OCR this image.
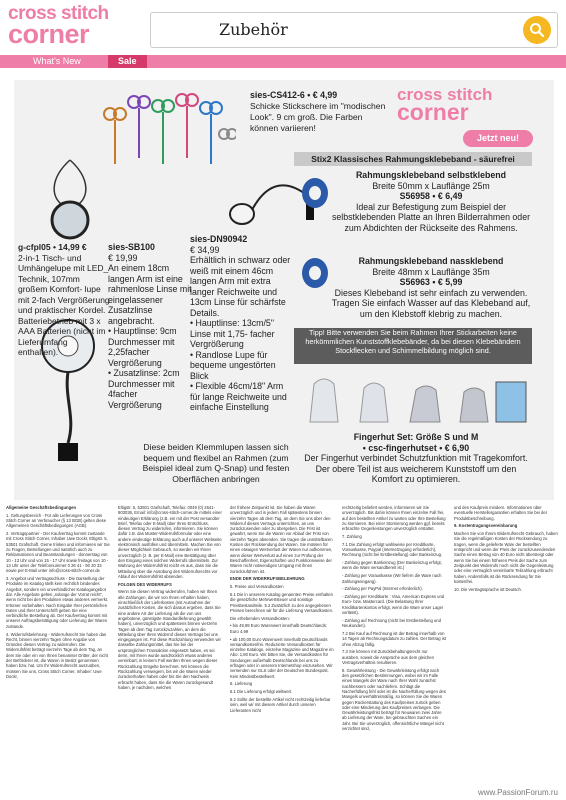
cross stitch
corner
What's New	Sale
Zubehör
sies-CS412-6 • € 4,99
Schicke Stickschere im "modischen Look". 9 cm groß. Die Farben können variieren!
cross stitch
corner
Jetzt neu!
g-cfpl05 • 14,99 €
2-in-1 Tisch- und Umhängelupe mit LED_ Technik, 107mm großem Komfort- lupe mit 2-fach Vergrößerung und praktischer Kordel. Batteriebetrieb mit 3 x AAA Batterien (nicht im Lieferumfang enthalten).
sies-SB100
€ 19,99
An einem 18cm langen Arm ist eine rahmenlose Linse mit eingelassener Zusatzlinse angebracht.
• Hauptlinse: 9cm Durchmesser mit 2,25facher Vergrößerung
• Zusatzlinse: 2cm Durchmesser mit 4facher Vergrößerung
sies-DN90942
€ 34,99
Erhältlich in schwarz oder weiß mit einem 46cm langen Arm mit extra langer Reichweite und 13cm Linse für schärfste Details.
• Hauptlinse: 13cm/5" Linse mit 1,75- facher Vergrößerung
• Randlose Lupe für bequeme ungestörten Blick
• Flexible 46cm/18" Arm für lange Reichweite und einfache Einstellung
Diese beiden Klemmlupen lassen sich bequem und flexibel an Rahmen (zum Beispiel ideal zum Q-Snap) und festen Oberflächen anbringen
Stix2 Klassisches Rahmungsklebeband - säurefrei
Rahmungsklebeband selbstklebend
Breite 50mm x Lauflänge 25m
S56958 • € 6,49
Ideal zur Befestigung zum Beispiel der selbstklebenden Platte an Ihren Bilderrahmen oder zum Abdichten der Rückseite des Rahmens.
Rahmungsklebeband nassklebend
Breite 48mm x Lauflänge 35m
S56963 • € 5,99
Dieses Klebeband ist sehr einfach zu verwenden. Tragen Sie einfach Wasser auf das Klebeband auf, um den Klebstoff klebrig zu machen.
Tipp! Bitte verwenden Sie beim Rahmen Ihrer Stickarbeiten keine herkömmlichen Kunststoffklebebänder, da bei diesen Klebebändern Stockflecken und Schimmelbildung möglich sind.
Fingerhut Set: Größe S und M
• csc-fingerhutset • € 6,90
Der Fingerhut verbindet Schutzfunktion mit Tragekomfort. Der obere Teil ist aus weicherem Kunststoff um den Komfort zu optimieren.
Allgemeine Geschäftsbedingungen
1. Geltungsbereich - Für alle Lieferungen von Cross Stitch Corner an Verbraucher (§ 13 BGB) gelten diese Allgemeinen Geschäftsbedingungen (AGB).
2. Vertragspartner - Der Kaufvertrag kommt zustande mit Cross Stitch Corner, Inhaber Uwe Dockr, Eltigstr. 5, 53501 Grafschaft. Gerne trinken und informieren wir Sie zu Fragen, Bestellungen und natürlich auch zu Reklamationen und Beanstandungen - donnerstag von 10 - 13 Uhr und von 15 - 17 Uhr sowie freitags von 10 - 13 Uhr unter der Telefonnummer 0 26 41 - 90 30 33 sowie per E-Mail unter info@cross-stitch-corner.de
3. Angebot und Vertragsschluss - Die Darstellung der Produkte im Katalog stellt kein rechtlich bindendes Angebot, sondern ein unverbindlicher Katalogangebot dar. Alle Angebote gelten „solange der Vorrat reicht", wenn nicht bei den Produkten etwas anderes vermerkt. Irrtümer vorbehalten. Nach Eingabe Ihrer persönlichen Daten und Ihrer Unterschrift geben Sie eine verbindliche Bestellung ab. Der Kaufvertrag kommt mit unserer Auftragsbestätigung oder Lieferung der Waren zustande.
4. Widerrufsbelehrung - Widerrufsrecht Sie haben das Recht, binnen vierzehn Tagen ohne Angabe von Gründen diesen Vertrag zu widerrufen. Die Widerrufsfrist beträgt vierzehn Tage ab dem Tag, an dem Sie oder ein von Ihnen benannter Dritter, der nicht der Beförderer ist, die Waren in Besitz genommen haben bzw. hat. Um Ihr Widerrufsrecht auszuüben, müssen Sie uns, Cross Stitch Corner, Inhaber: Uwe Dockr,
Eltigstr. 5, 53501 Grafschaft, Telefax: 0049 (0) 2641-903036, Email: info@cross-stitch-corner.de mittels einer eindeutigen Erklärung (z.B. ein mit der Post versandter Brief, Telefax oder E-Mail) über Ihren Entschluss, diesen Vertrag zu widerrufen, informieren. Sie können dafür z.B. das Muster-Widerrufsformular oder eine andere eindeutige Erklärung auch auf unserer Webseite elektronisch ausfüllen und übermitteln. Machen Sie von dieser Möglichkeit Gebrauch, so werden wir Ihnen unverzüglich (z. B. per E-Mail) eine Bestätigung über den Eingang eines solchen Widerrufs übermitteln. Zur Wahrung der Widerrufsfrist reicht es aus, dass Sie die Mitteilung über die Ausübung des Widerrufsrechts vor Ablauf der Widerrufsfrist absenden.
FOLGEN DES WIDERRUFS
Wenn Sie diesen Vertrag widerrufen, haben wir Ihnen alle Zahlungen, die wir von Ihnen erhalten haben, einschließlich der Lieferkosten (mit Ausnahme der zusätzlichen Kosten, die sich daraus ergeben, dass Sie eine andere Art der Lieferung als die von uns angebotene, günstigste Standardlieferung gewählt haben), unverzüglich und spätestens binnen vierzehn Tagen ab dem Tag zurückzuzahlen, an dem die Mitteilung über Ihren Widerruf dieses Vertrags bei uns eingegangen ist. Für diese Rückzahlung verwenden wir dasselbe Zahlungsmittel, das Sie bei der ursprünglichen Transaktion eingesetzt haben, es sei denn, mit Ihnen wurde ausdrücklich etwas anderes vereinbart; in keinem Fall werden Ihnen wegen dieser Rückzahlung Entgelte berechnet. Wir können die Rückzahlung verweigern, bis wir die Waren wieder zurückerhalten haben oder bis Sie den Nachweis erbracht haben, dass Sie die Waren zurückgesandt haben, je nachdem, welches
der frühere Zeitpunkt ist. Sie haben die Waren unverzüglich und in jedem Fall spätestens binnen vierzehn Tagen ab dem Tag, an dem Sie uns über den Widerruf dieses Vertrags unterrichten, an uns zurückzusenden oder zu übergeben. Die Frist ist gewahrt, wenn Sie die Waren vor Ablauf der Frist von vierzehn Tagen absenden. Sie tragen die unmittelbaren Kosten der Rücksendung der Waren. Sie müssen für einen etwaigen Wertverlust der Waren nur aufkommen, wenn dieser Wertverlust auf einen zur Prüfung der Beschaffenheit, Eigenschaften und Funktionsweise der Waren nicht notwendigen Umgang mit ihnen zurückzuführen ist.
ENDE DER WIDERRUFSBELEHRUNG
5. Preise und Versandkosten
5.1 Die in unserem Katalog genannten Preise enthalten die gesetzliche Mehrwertsteuer und sonstige Preisbestandteile. 5.2 Zusätzlich zu den angegebenen Preisen berechnen wir für die Lieferung Versandkosten.
Die erhebenden Versandkosten:
• bis 49,99 Euro Warenwert innerhalb Deutschlands: Euro 4,99
• ab 100,00 Euro Warenwert innerhalb Deutschlands versandkostenfrei. Reduzierte Versandkosten für einzelne Kataloge, einzelne Magazine und Magazine im Abo: 1,80 Euro. Wir bitten Sie, die Versandkosten für Sendungen außerhalb Deutschlands bei uns zu erfragen oder in unserem Internetshop einzusehen. Wir versenden nur GLS oder der Deutschen Bundespost. Kein Mindestbestellwert.
6. Lieferung
6.1 Die Lieferung erfolgt weltweit.
6.2 Sollte der bestellte Artikel nicht rechtzeitig lieferbar sein, weil wir mit diesem Artikel durch unseren Lieferanten nicht
rechtzeitig beliefert werden, informieren wir Sie unverzüglich. Bis dahin können Ihnen einzelne Fall frei, auf den bestellten Artikel zu warten oder Ihre Bestellung zu stornieren. Bei einer Stornierung werden ggf. bereits erbrachte Gegenleistungen unverzüglich erstattet.
7. Zahlung
7.1 Die Zahlung erfolgt wahlweise per Kreditkarte, Vorauskasse, Paypal (Internetzugang erforderlich), Rechnung (nicht bei Erstbestellung) oder Bankeinzug.
- Zahlung gegen Bankeinzug (Der Bankeinzug erfolgt, wenn die Ware versandbereit ist.)
- Zahlung per Vorauskasse (Wir liefern die Ware nach Zahlungseingang).
- Zahlung per PayPal (Internet erforderlich).
- Zahlung per Kreditkarte : Visa, American Express und Euro- bzw. Mastercard. (Die Belastung Ihrer Kreditkartenkontos erfolgt, wenn die Ware unser Lager verlässt).
- Zahlung auf Rechnung (nicht bei Erstbestellung und Neukunden).
7.2 Bei Kauf auf Rechnung ist der Betrag innerhalb von 14 Tagen ab Rechnungsdatum zu zahlen. Der Betrag ist ohne Abzug fällig.
7.3 Sie können mit Zurückbehaltungsrecht nur ausüben, soweit die Ansprüche aus dem gleichen Vertragsverhältnis resultieren.
8. Gewährleistung - Die Gewährleistung erfolgt nach den gesetzlichen Bestimmungen, wobei wir im Falle eines Mangels der Ware nach Ihrer Wahl zunächst nachbessern oder nachliefern. Schlägt die Nacherfüllung fehl oder ist die Nacherfüllung wegen des Mangels unverhältnismäßig, so können Sie die Waren gegen Rückerstattung des Kaufpreises zurück geben oder eine Minderung des Kaufpreises verlangen. Die Gewährleistungsfrist beträgt für Neuwaren zwei Jahre ab Lieferung der Ware, bei gebrauchten Sachen ein Jahr. Bei Sie unverzüglich, offensichtliche Mängel nicht verzichtet sind,
und den Kaufpreis mindern. Informationen über eventuelle Herstellergarantien erhalten Sie bei der Produktbeschreibung.
9. Kostentragungsvereinbarung
Machen Sie von Ihrem Widerrufsrecht Gebrauch, haben Sie die regelmäßigen Kosten der Rücksendung zu tragen, wenn die gelieferte Ware der bestellten entspricht und wenn der Preis der zurückzusendenden Sache einen Betrag von 40 Euro nicht übersteigt oder wenn Sie bei einem höheren Preis der Sache zum Zeitpunkt des Widerrufs noch nicht die Gegenleistung oder eine vertraglich vereinbarte Teilzahlung erbracht haben. Andernfalls ist die Rücksendung für Sie kostenfrei.
10. Die Vertragssprache ist Deutsch.
www.PassionForum.ru
